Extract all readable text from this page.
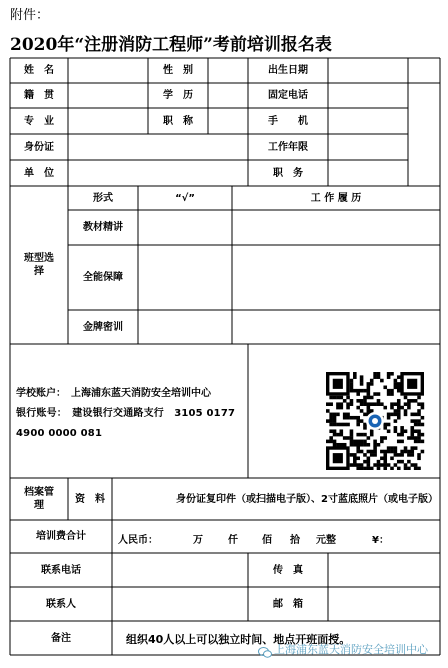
附件：
2020年“注册消防工程师”考前培训报名表
姓　名	性　别	出生日期
籍　贯	学　历	固定电话
专　业	职　称	手　　机
身份证	工作年限
单　位	职　务
班型选择
形式	“√”	工 作 履 历
教材精讲
全能保障
金牌密训
学校账户：　上海浦东蓝天消防安全培训中心
银行账号：　建设银行交通路支行　3105 0177 4900 0000 081
档案管理
资　料	身份证复印件（或扫描电子版）、2寸蓝底照片（或电子版）
培训费合计	人民币：	万	仟 佰 拾 元整	¥：
联系电话	传　真
联系人	邮　箱
备注	组织40人以上可以独立时间、地点开班面授。
上海浦东蓝天消防安全培训中心
